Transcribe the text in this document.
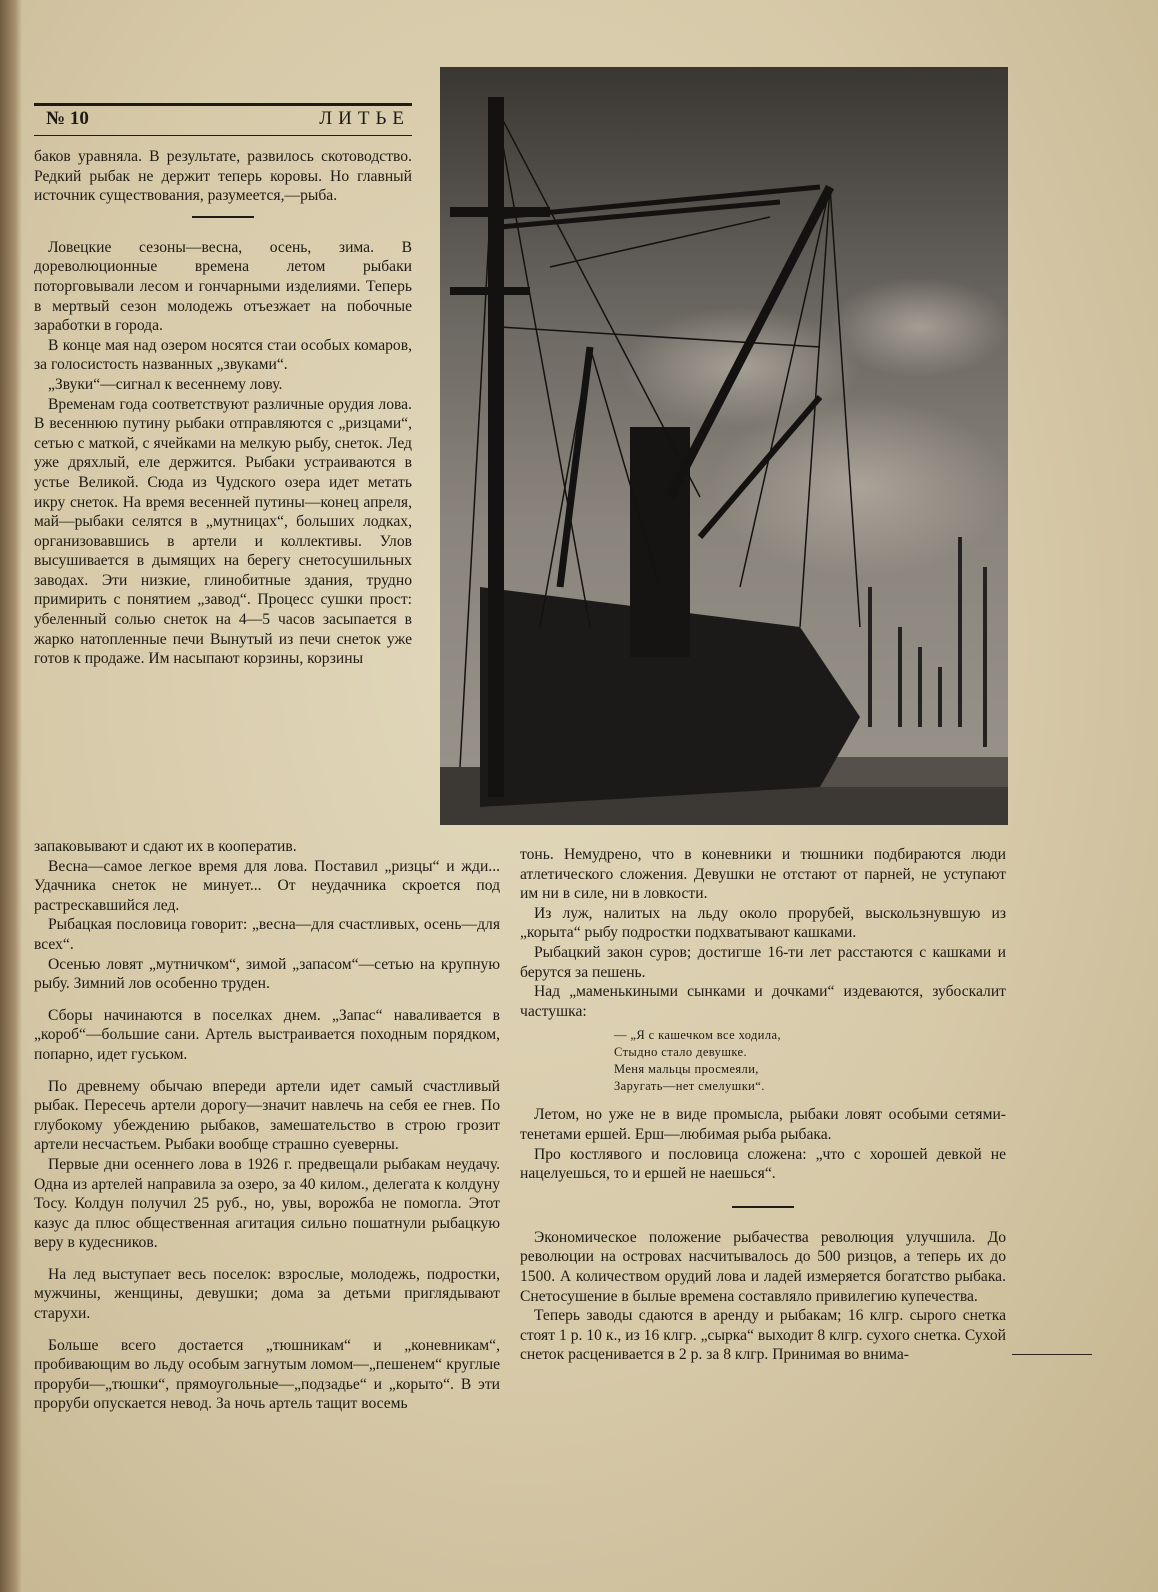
№ 10	ЛИТЬЕ

баков уравняла. В результате, развилось скотоводство. Редкий рыбак не держит теперь коровы. Но главный источник существования, разумеется,—рыба.

Ловецкие сезоны—весна, осень, зима. В дореволюционные времена летом рыбаки поторговывали лесом и гончарными изделиями. Теперь в мертвый сезон молодежь отъезжает на побочные заработки в города.

В конце мая над озером носятся стаи особых комаров, за голосистость названных „звуками“.

„Звуки“—сигнал к весеннему лову.

Временам года соответствуют различные орудия лова. В весеннюю путину рыбаки отправляются с „ризцами“, сетью с маткой, с ячейками на мелкую рыбу, снеток. Лед уже дряхлый, еле держится. Рыбаки устраиваются в устье Великой. Сюда из Чудского озера идет метать икру снеток. На время весенней путины—конец апреля, май—рыбаки селятся в „мутницах“, больших лодках, организовавшись в артели и коллективы. Улов высушивается в дымящих на берегу снетосушильных заводах. Эти низкие, глинобитные здания, трудно примирить с понятием „завод“. Процесс сушки прост: убеленный солью снеток на 4—5 часов засыпается в жарко натопленные печи Вынутый из печи снеток уже готов к продаже. Им насыпают корзины, корзины

запаковывают и сдают их в кооператив.

Весна—самое легкое время для лова. Поставил „ризцы“ и жди... Удачника снеток не минует... От неудачника скроется под растрескавшийся лед.

Рыбацкая пословица говорит: „весна—для счастливых, осень—для всех“.

Осенью ловят „мутничком“, зимой „запасом“—сетью на крупную рыбу. Зимний лов особенно труден.

Сборы начинаются в поселках днем. „Запас“ наваливается в „короб“—большие сани. Артель выстраивается походным порядком, попарно, идет гуськом.

По древнему обычаю впереди артели идет самый счастливый рыбак. Пересечь артели дорогу—значит навлечь на себя ее гнев. По глубокому убеждению рыбаков, замешательство в строю грозит артели несчастьем. Рыбаки вообще страшно суеверны.

Первые дни осеннего лова в 1926 г. предвещали рыбакам неудачу. Одна из артелей направила за озеро, за 40 килом., делегата к колдуну Тосу. Колдун получил 25 руб., но, увы, ворожба не помогла. Этот казус да плюс общественная агитация сильно пошатнули рыбацкую веру в кудесников.

На лед выступает весь поселок: взрослые, молодежь, подростки, мужчины, женщины, девушки; дома за детьми приглядывают старухи.

Больше всего достается „тюшникам“ и „коневникам“, пробивающим во льду особым загнутым ломом—„пешенем“ круглые проруби—„тюшки“, прямоугольные—„подзадье“ и „корыто“. В эти проруби опускается невод. За ночь артель тащит восемь

тонь. Немудрено, что в коневники и тюшники подбираются люди атлетического сложения. Девушки не отстают от парней, не уступают им ни в силе, ни в ловкости.

Из луж, налитых на льду около прорубей, выскользнувшую из „корыта“ рыбу подростки подхватывают кашками.

Рыбацкий закон суров; достигше 16-ти лет расстаются с кашками и берутся за пешень.

Над „маменькиными сынками и дочками“ издеваются, зубоскалит частушка:

— „Я с кашечком все ходила,
Стыдно стало девушке.
Меня мальцы просмеяли,
Заругать—нет смелушки“.

Летом, но уже не в виде промысла, рыбаки ловят особыми сетями-тенетами ершей. Ерш—любимая рыба рыбака.

Про костлявого и пословица сложена: „что с хорошей девкой не нацелуешься, то и ершей не наешься“.

Экономическое положение рыбачества революция улучшила. До революции на островах насчитывалось до 500 ризцов, а теперь их до 1500. А количеством орудий лова и ладей измеряется богатство рыбака. Снетосушение в былые времена составляло привилегию купечества.

Теперь заводы сдаются в аренду и рыбакам; 16 клгр. сырого снетка стоят 1 р. 10 к., из 16 клгр. „сырка“ выходит 8 клгр. сухого снетка. Сухой снеток расценивается в 2 р. за 8 клгр. Принимая во внима-
